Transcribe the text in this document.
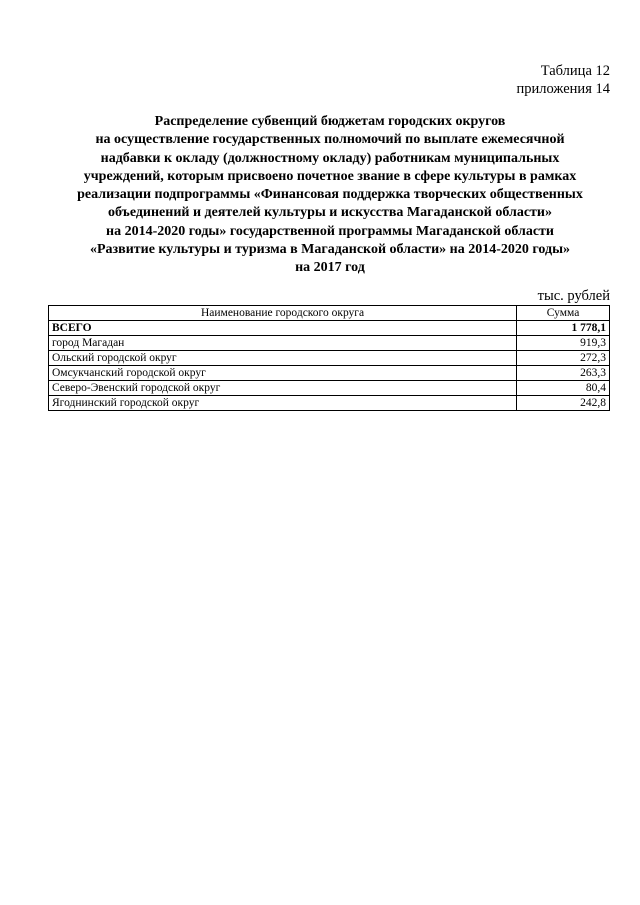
Таблица 12
приложения 14
Распределение субвенций бюджетам городских округов
на осуществление государственных полномочий по выплате ежемесячной
надбавки к окладу (должностному окладу) работникам муниципальных
учреждений, которым присвоено почетное звание в сфере культуры в рамках
реализации подпрограммы «Финансовая поддержка творческих общественных
объединений и деятелей культуры и искусства Магаданской области»
на 2014-2020 годы» государственной программы Магаданской области
«Развитие культуры и туризма в Магаданской области» на 2014-2020 годы»
на 2017 год
тыс. рублей
Наименование городского округа	Сумма
ВСЕГО	1 778,1
город Магадан	919,3
Ольский городской округ	272,3
Омсукчанский городской округ	263,3
Северо-Эвенский городской округ	80,4
Ягоднинский городской округ	242,8
